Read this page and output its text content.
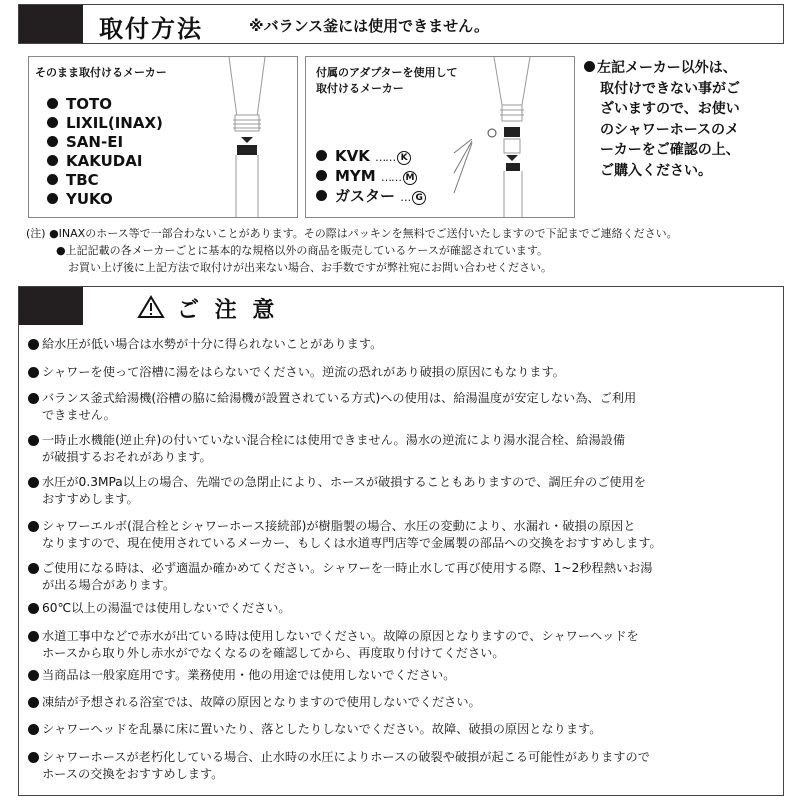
取付方法	※バランス釜には使用できません。
そのまま取付けるメーカー
TOTO
LIXIL(INAX)
SAN-EI
KAKUDAI
TBC
YUKO
付属のアダプターを使用して
取付けるメーカー
KVK …… K
MYM …… M
ガスター … G
左記メーカー以外は、
取付けできない事がご
ざいますので、お使い
のシャワーホースのメ
ーカーをご確認の上、
ご購入ください。
(注) ●INAXのホース等で一部合わないことがあります。その際はパッキンを無料でご送付いたしますので下記までご連絡ください。
●上記記載の各メーカーごとに基本的な規格以外の商品を販売しているケースが確認されています。
お買い上げ後に上記方法で取付けが出来ない場合、お手数ですが弊社宛にお問い合わせください。
ご 注 意
給水圧が低い場合は水勢が十分に得られないことがあります。
シャワーを使って浴槽に湯をはらないでください。逆流の恐れがあり破損の原因にもなります。
バランス釜式給湯機(浴槽の脇に給湯機が設置されている方式)への使用は、給湯温度が安定しない為、ご利用
できません。
一時止水機能(逆止弁)の付いていない混合栓には使用できません。湯水の逆流により湯水混合栓、給湯設備
が破損するおそれがあります。
水圧が0.3MPa以上の場合、先端での急閉止により、ホースが破損することもありますので、調圧弁のご使用を
おすすめします。
シャワーエルボ(混合栓とシャワーホース接続部)が樹脂製の場合、水圧の変動により、水漏れ・破損の原因と
なりますので、現在使用されているメーカー、もしくは水道専門店等で金属製の部品への交換をおすすめします。
ご使用になる時は、必ず適温か確かめてください。シャワーを一時止水して再び使用する際、1~2秒程熱いお湯
が出る場合があります。
60℃以上の湯温では使用しないでください。
水道工事中などで赤水が出ている時は使用しないでください。故障の原因となりますので、シャワーヘッドを
ホースから取り外し赤水がでなくなるのを確認してから、再度取り付けてください。
当商品は一般家庭用です。業務使用・他の用途では使用しないでください。
凍結が予想される浴室では、故障の原因となりますので使用しないでください。
シャワーヘッドを乱暴に床に置いたり、落としたりしないでください。故障、破損の原因となります。
シャワーホースが老朽化している場合、止水時の水圧によりホースの破裂や破損が起こる可能性がありますので
ホースの交換をおすすめします。
